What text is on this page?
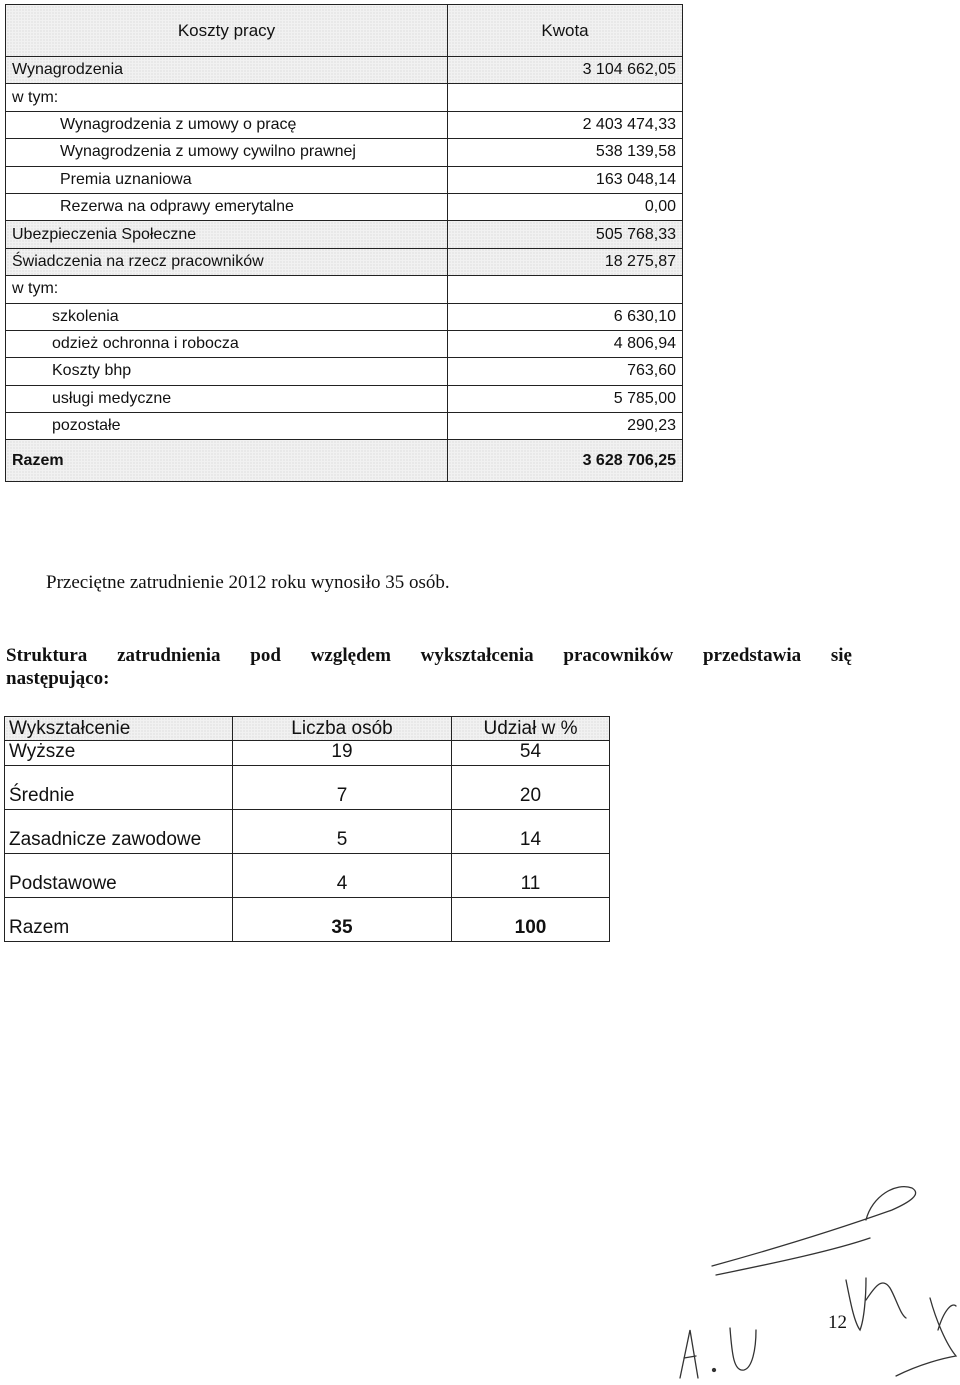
Koszty pracy	Kwota
Wynagrodzenia	3 104 662,05
w tym:	
Wynagrodzenia z umowy o pracę	2 403 474,33
Wynagrodzenia z umowy cywilno prawnej	538 139,58
Premia uznaniowa	163 048,14
Rezerwa na odprawy emerytalne	0,00
Ubezpieczenia Społeczne	505 768,33
Świadczenia na rzecz pracowników	18 275,87
w tym:	
szkolenia	6 630,10
odzież ochronna i robocza	4 806,94
Koszty bhp	763,60
usługi medyczne	5 785,00
pozostałe	290,23
Razem	3 628 706,25

Przeciętne zatrudnienie 2012 roku wynosiło 35 osób.

Struktura zatrudnienia pod względem wykształcenia pracowników przedstawia się następująco:

Wykształcenie	Liczba osób	Udział w %
Wyższe	19	54
Średnie	7	20
Zasadnicze zawodowe	5	14
Podstawowe	4	11
Razem	35	100
12
